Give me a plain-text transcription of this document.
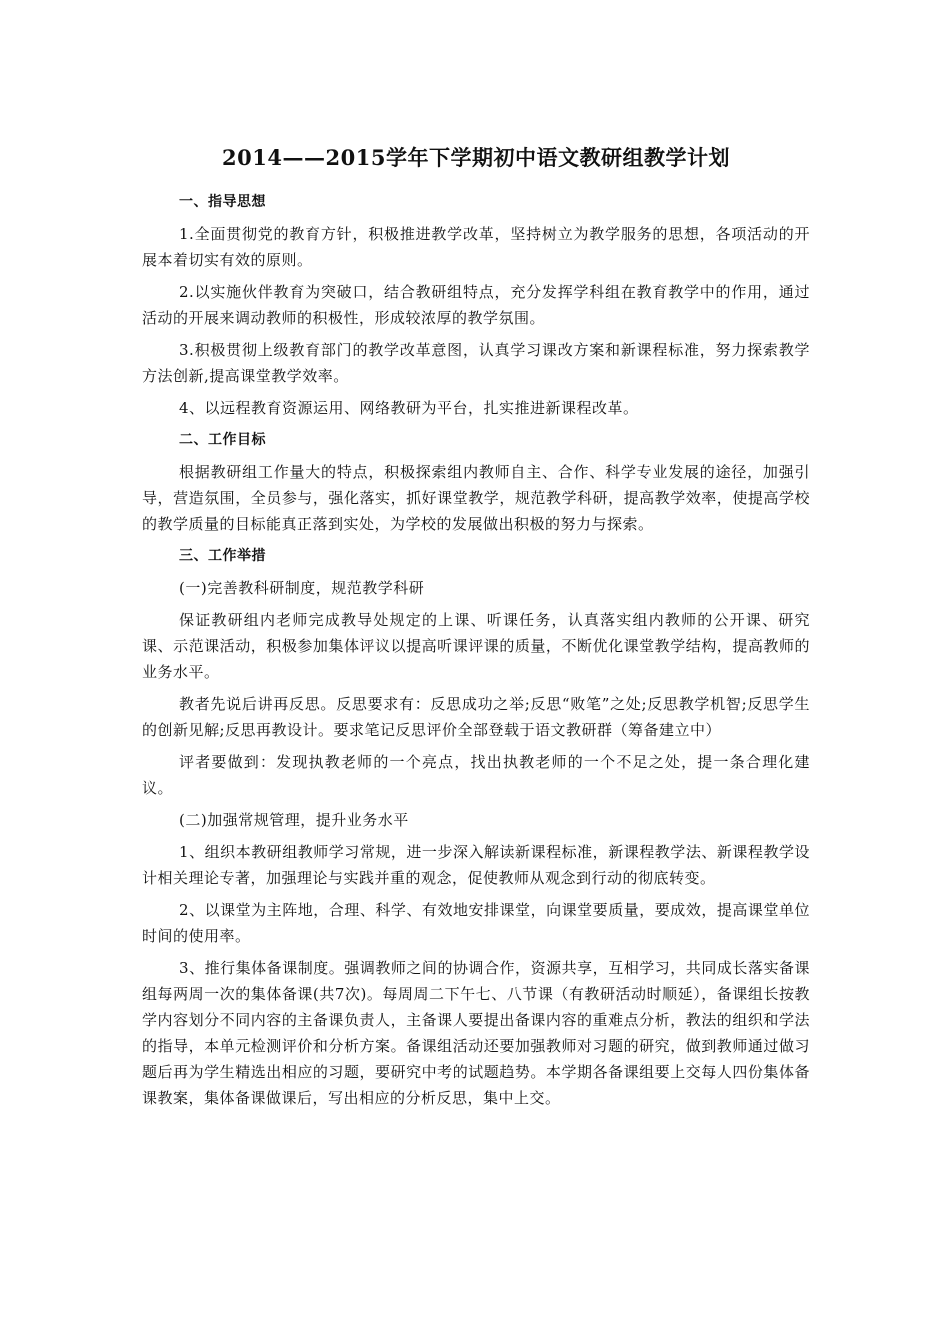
2014——2015学年下学期初中语文教研组教学计划

一、指导思想

1.全面贯彻党的教育方针，积极推进教学改革，坚持树立为教学服务的思想，各项活动的开展本着切实有效的原则。

2.以实施伙伴教育为突破口，结合教研组特点，充分发挥学科组在教育教学中的作用，通过活动的开展来调动教师的积极性，形成较浓厚的教学氛围。

3.积极贯彻上级教育部门的教学改革意图，认真学习课改方案和新课程标准，努力探索教学方法创新,提高课堂教学效率。

4、以远程教育资源运用、网络教研为平台，扎实推进新课程改革。

二、工作目标

根据教研组工作量大的特点，积极探索组内教师自主、合作、科学专业发展的途径，加强引导，营造氛围，全员参与，强化落实，抓好课堂教学，规范教学科研，提高教学效率，使提高学校的教学质量的目标能真正落到实处，为学校的发展做出积极的努力与探索。

三、工作举措

(一)完善教科研制度，规范教学科研

保证教研组内老师完成教导处规定的上课、听课任务，认真落实组内教师的公开课、研究课、示范课活动，积极参加集体评议以提高听课评课的质量，不断优化课堂教学结构，提高教师的业务水平。

教者先说后讲再反思。反思要求有：反思成功之举;反思“败笔”之处;反思教学机智;反思学生的创新见解;反思再教设计。要求笔记反思评价全部登载于语文教研群（筹备建立中）

评者要做到：发现执教老师的一个亮点，找出执教老师的一个不足之处，提一条合理化建议。

(二)加强常规管理，提升业务水平

1、组织本教研组教师学习常规，进一步深入解读新课程标准，新课程教学法、新课程教学设计相关理论专著，加强理论与实践并重的观念，促使教师从观念到行动的彻底转变。

2、以课堂为主阵地，合理、科学、有效地安排课堂，向课堂要质量，要成效，提高课堂单位时间的使用率。

3、推行集体备课制度。强调教师之间的协调合作，资源共享，互相学习，共同成长落实备课组每两周一次的集体备课(共7次)。每周周二下午七、八节课（有教研活动时顺延），备课组长按教学内容划分不同内容的主备课负责人，主备课人要提出备课内容的重难点分析，教法的组织和学法的指导，本单元检测评价和分析方案。备课组活动还要加强教师对习题的研究，做到教师通过做习题后再为学生精选出相应的习题，要研究中考的试题趋势。本学期各备课组要上交每人四份集体备课教案，集体备课做课后，写出相应的分析反思，集中上交。
